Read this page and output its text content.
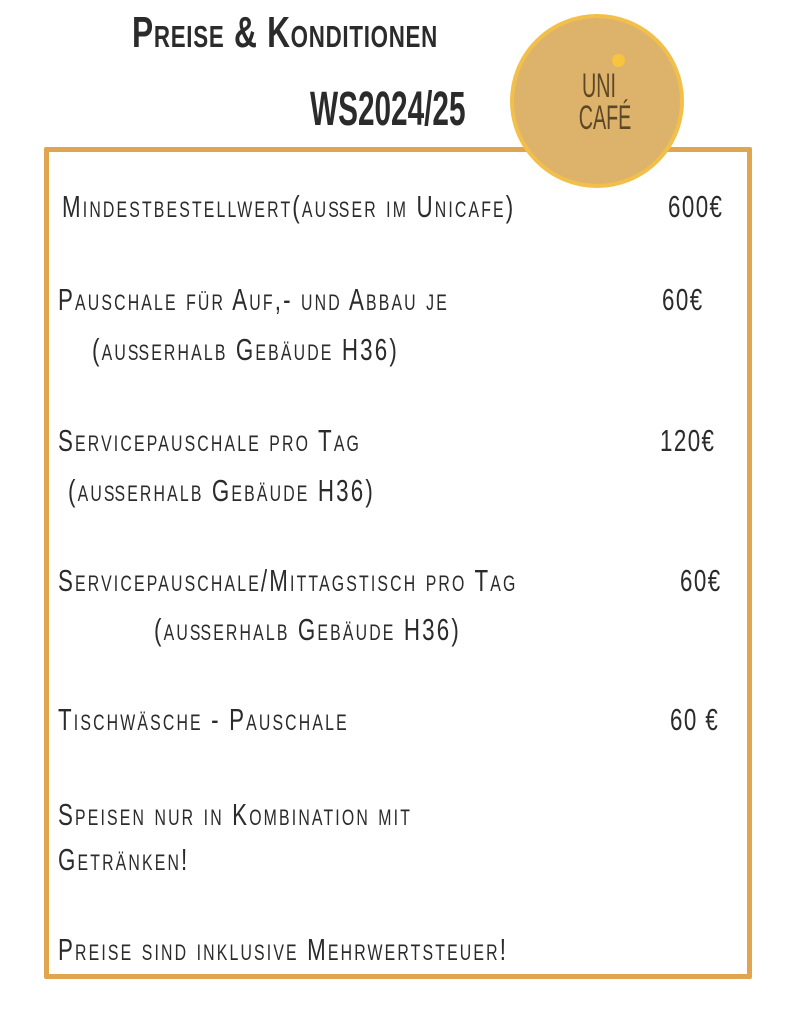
Preise & Konditionen
WS2024/25	UNI
CAFÉ
Mindestbestellwert(außer im Unicafe)	600€
Pauschale für Auf,- und Abbau je	60€
(außerhalb Gebäude H36)
Servicepauschale pro Tag	120€
(außerhalb Gebäude H36)
Servicepauschale/Mittagstisch pro Tag	60€
(außerhalb Gebäude H36)
Tischwäsche - Pauschale	60 €
Speisen nur in Kombination mit
Getränken!
Preise sind inklusive Mehrwertsteuer!
